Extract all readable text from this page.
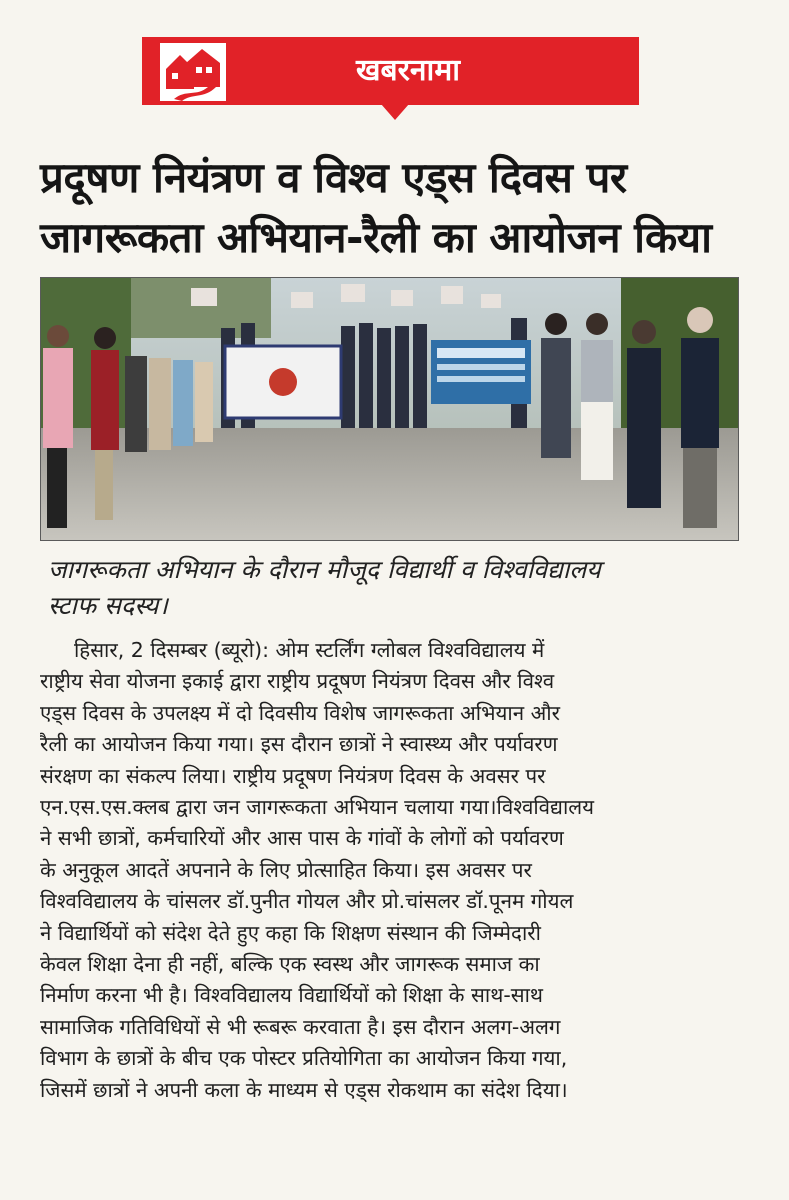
खबरनामा
प्रदूषण नियंत्रण व विश्व एड्स दिवस पर
जागरूकता अभियान-रैली का आयोजन किया
जागरूकता अभियान के दौरान मौजूद विद्यार्थी व विश्वविद्यालय
स्टाफ सदस्य।
हिसार, 2 दिसम्बर (ब्यूरो): ओम स्टर्लिंग ग्लोबल विश्वविद्यालय में
राष्ट्रीय सेवा योजना इकाई द्वारा राष्ट्रीय प्रदूषण नियंत्रण दिवस और विश्व
एड्स दिवस के उपलक्ष्य में दो दिवसीय विशेष जागरूकता अभियान और
रैली का आयोजन किया गया। इस दौरान छात्रों ने स्वास्थ्य और पर्यावरण
संरक्षण का संकल्प लिया। राष्ट्रीय प्रदूषण नियंत्रण दिवस के अवसर पर
एन.एस.एस.क्लब द्वारा जन जागरूकता अभियान चलाया गया।विश्वविद्यालय
ने सभी छात्रों, कर्मचारियों और आस पास के गांवों के लोगों को पर्यावरण
के अनुकूल आदतें अपनाने के लिए प्रोत्साहित किया। इस अवसर पर
विश्वविद्यालय के चांसलर डॉ.पुनीत गोयल और प्रो.चांसलर डॉ.पूनम गोयल
ने विद्यार्थियों को संदेश देते हुए कहा कि शिक्षण संस्थान की जिम्मेदारी
केवल शिक्षा देना ही नहीं, बल्कि एक स्वस्थ और जागरूक समाज का
निर्माण करना भी है। विश्वविद्यालय विद्यार्थियों को शिक्षा के साथ-साथ
सामाजिक गतिविधियों से भी रूबरू करवाता है। इस दौरान अलग-अलग
विभाग के छात्रों के बीच एक पोस्टर प्रतियोगिता का आयोजन किया गया,
जिसमें छात्रों ने अपनी कला के माध्यम से एड्स रोकथाम का संदेश दिया।
